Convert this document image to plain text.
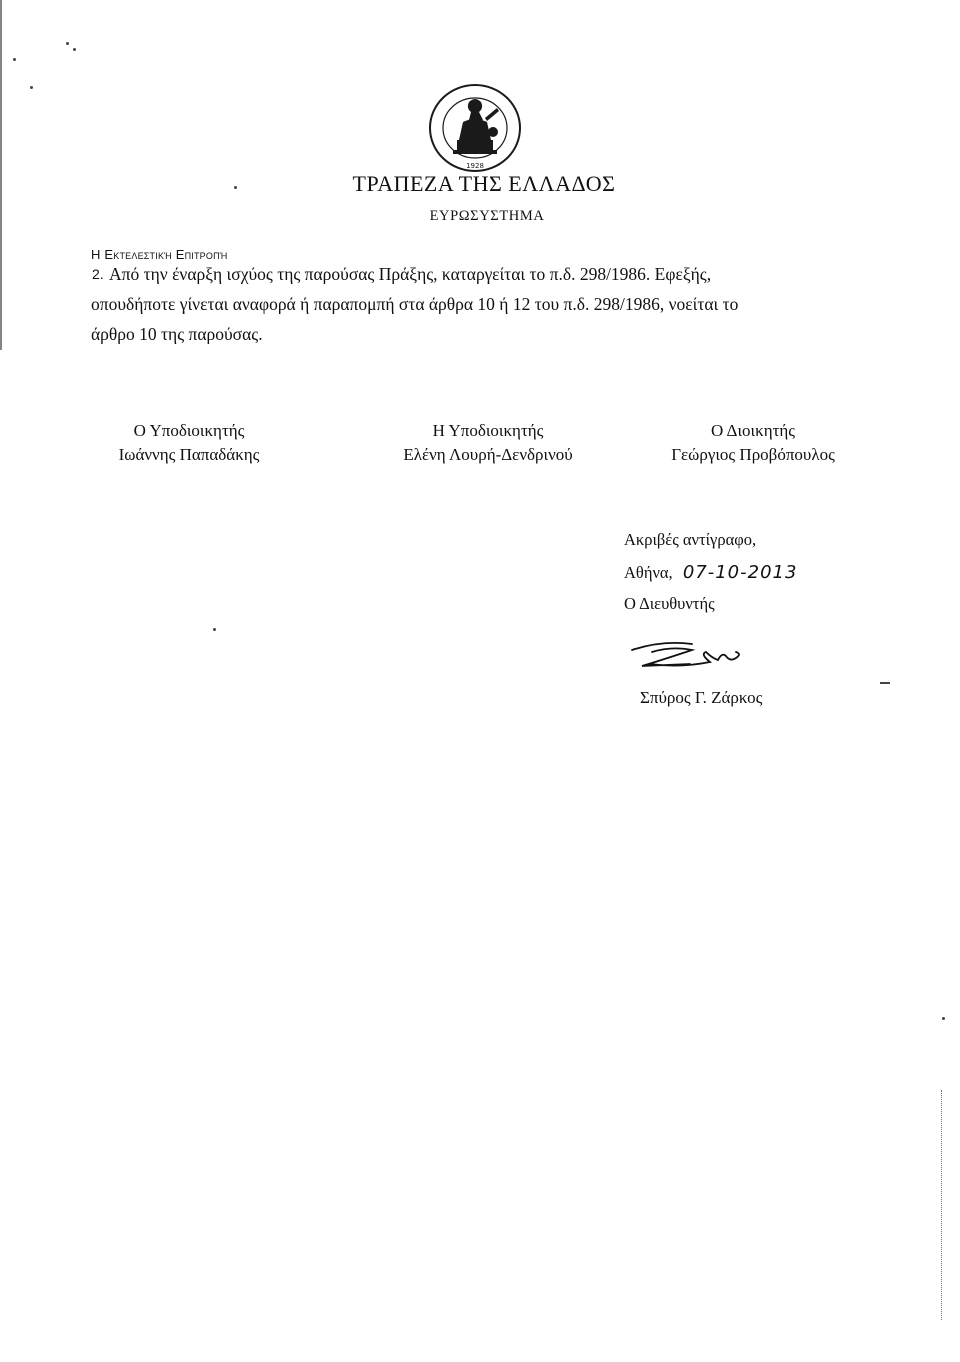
1928
ΤΡΑΠΕΖΑ ΤΗΣ ΕΛΛΑΔΟΣ
ΕΥΡΩΣΥΣΤΗΜΑ
Η Εκτελεστική Επιτροπή
2. Από την έναρξη ισχύος της παρούσας Πράξης, καταργείται το π.δ. 298/1986. Εφεξής,
οπουδήποτε γίνεται αναφορά ή παραπομπή στα άρθρα 10 ή 12 του π.δ. 298/1986, νοείται το
άρθρο 10 της παρούσας.
Ο Υποδιοικητής
Ιωάννης Παπαδάκης
Η Υποδιοικητής
Ελένη Λουρή-Δενδρινού
Ο Διοικητής
Γεώργιος Προβόπουλος
Ακριβές αντίγραφο,
Αθήνα, 07-10-2013
Ο Διευθυντής
Σπύρος Γ. Ζάρκος
